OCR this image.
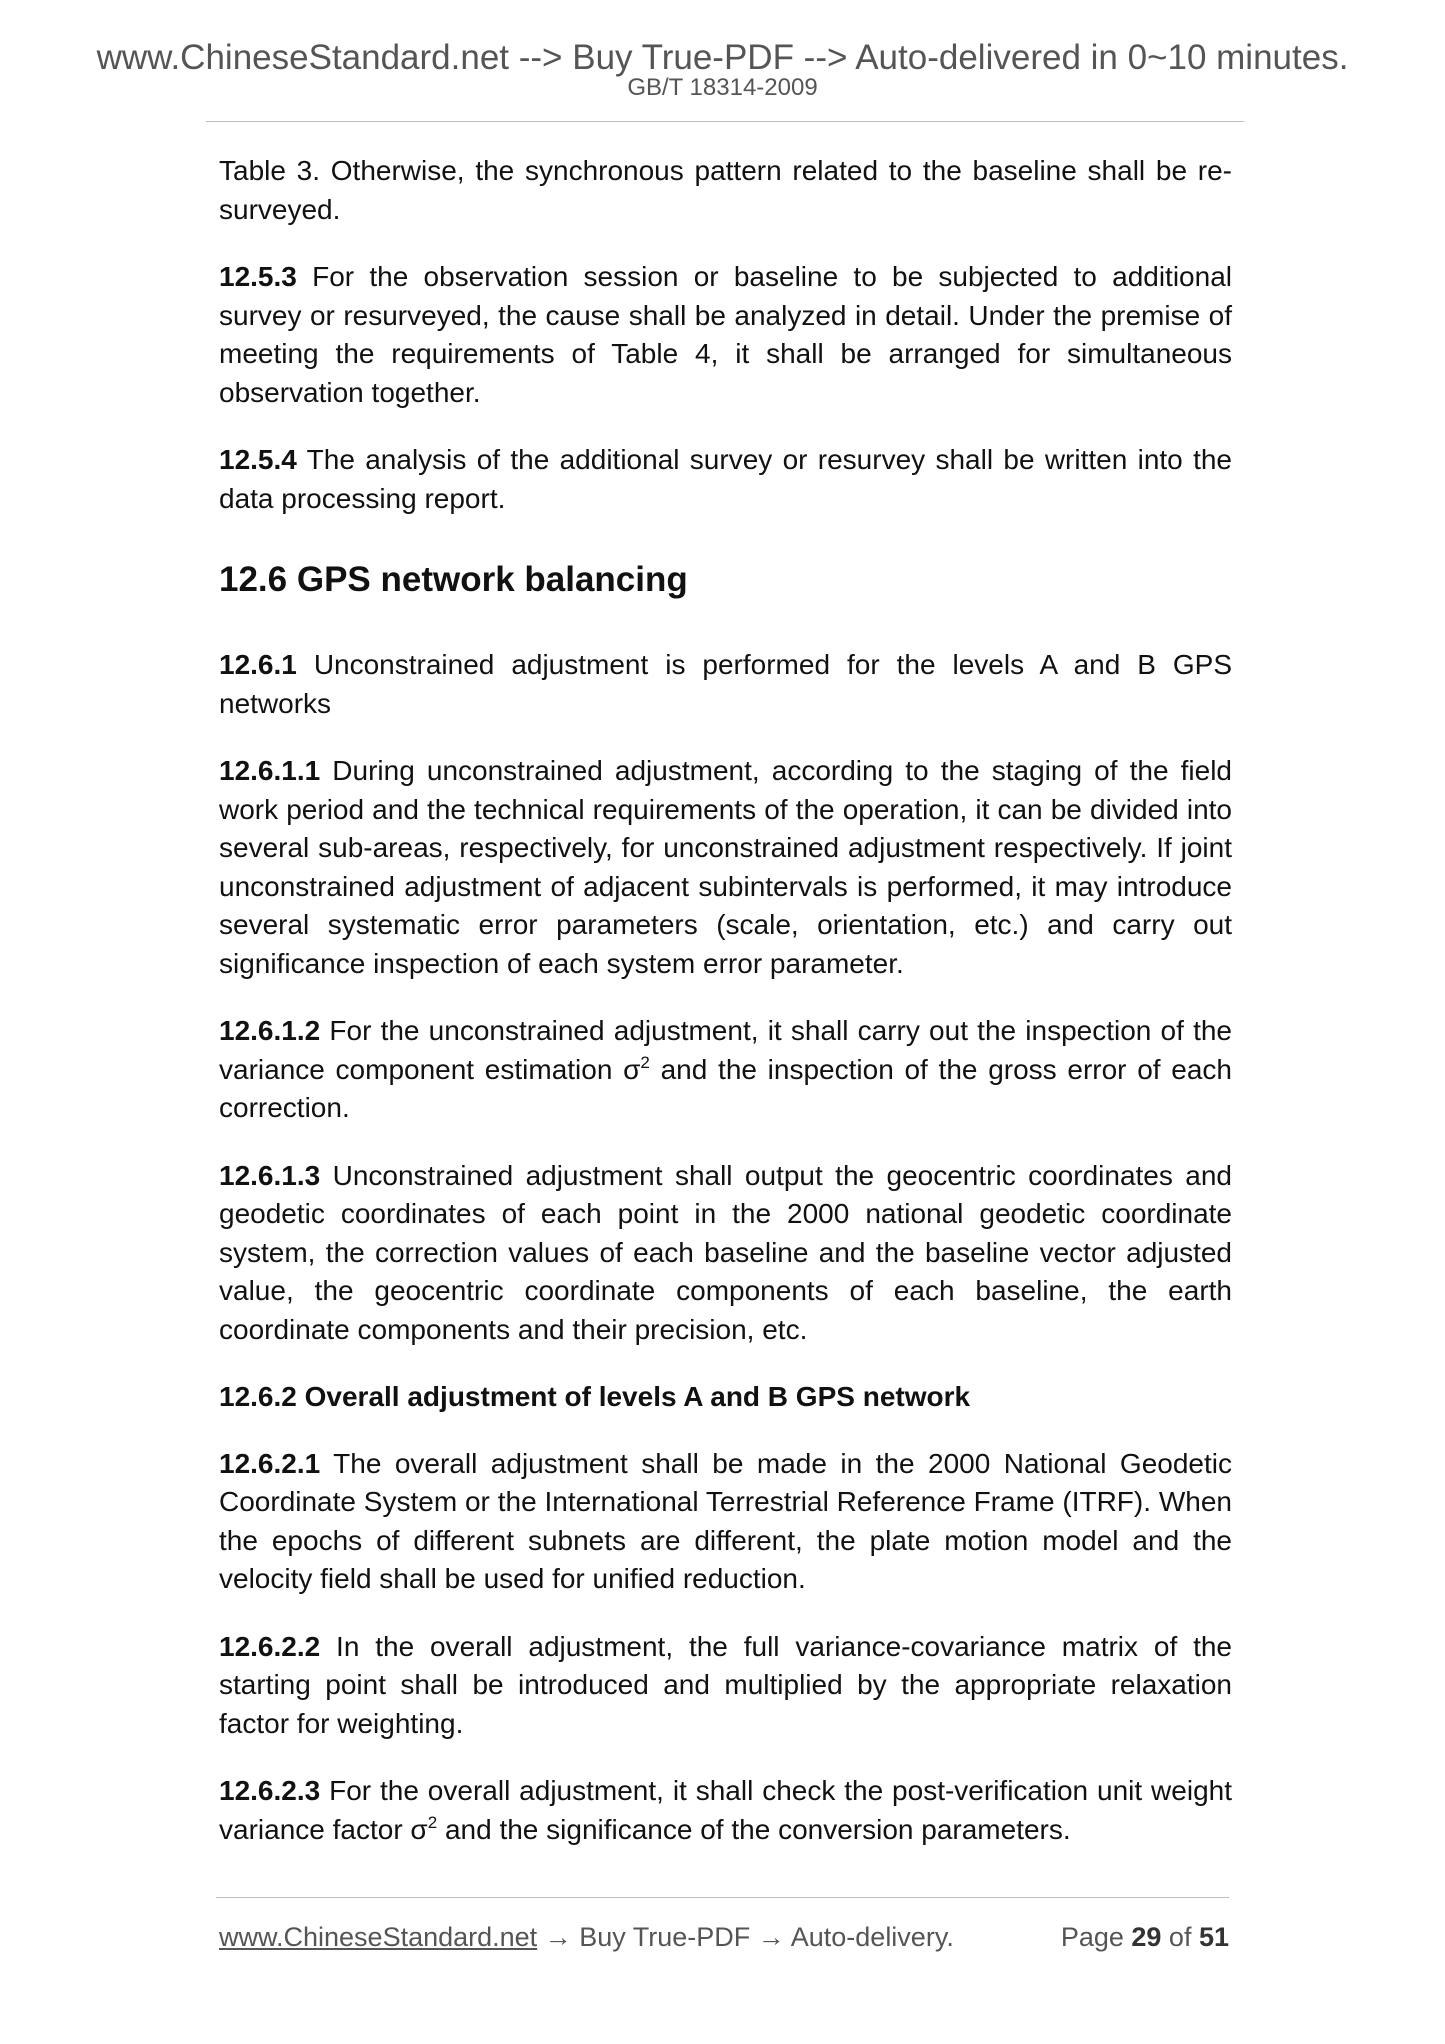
www.ChineseStandard.net --> Buy True-PDF --> Auto-delivered in 0~10 minutes.
GB/T 18314-2009

Table 3. Otherwise, the synchronous pattern related to the baseline shall be re-surveyed.

12.5.3 For the observation session or baseline to be subjected to additional survey or resurveyed, the cause shall be analyzed in detail. Under the premise of meeting the requirements of Table 4, it shall be arranged for simultaneous observation together.

12.5.4 The analysis of the additional survey or resurvey shall be written into the data processing report.

12.6 GPS network balancing

12.6.1 Unconstrained adjustment is performed for the levels A and B GPS networks

12.6.1.1 During unconstrained adjustment, according to the staging of the field work period and the technical requirements of the operation, it can be divided into several sub-areas, respectively, for unconstrained adjustment respectively. If joint unconstrained adjustment of adjacent subintervals is performed, it may introduce several systematic error parameters (scale, orientation, etc.) and carry out significance inspection of each system error parameter.

12.6.1.2 For the unconstrained adjustment, it shall carry out the inspection of the variance component estimation $\sigma^2$ and the inspection of the gross error of each correction.

12.6.1.3 Unconstrained adjustment shall output the geocentric coordinates and geodetic coordinates of each point in the 2000 national geodetic coordinate system, the correction values of each baseline and the baseline vector adjusted value, the geocentric coordinate components of each baseline, the earth coordinate components and their precision, etc.

12.6.2 Overall adjustment of levels A and B GPS network

12.6.2.1 The overall adjustment shall be made in the 2000 National Geodetic Coordinate System or the International Terrestrial Reference Frame (ITRF). When the epochs of different subnets are different, the plate motion model and the velocity field shall be used for unified reduction.

12.6.2.2 In the overall adjustment, the full variance-covariance matrix of the starting point shall be introduced and multiplied by the appropriate relaxation factor for weighting.

12.6.2.3 For the overall adjustment, it shall check the post-verification unit weight variance factor $\sigma^2$ and the significance of the conversion parameters.

www.ChineseStandard.net → Buy True-PDF → Auto-delivery.	Page 29 of 51
